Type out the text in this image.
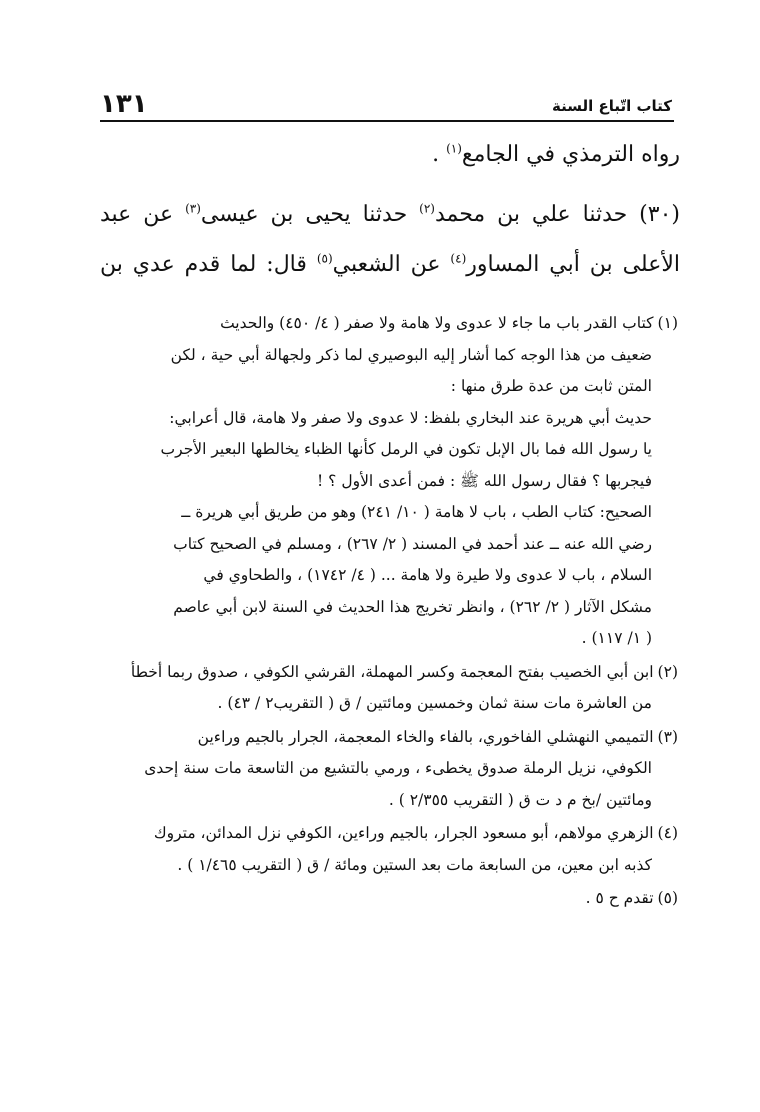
١٣١	كتاب اتّباع السنة

رواه الترمذي في الجامع$^{(١)}$ .

(٣٠) حدثنا علي بن محمد$^{(٢)}$ حدثنا يحيى بن عيسى$^{(٣)}$ عن عبد الأعلى بن أبي المساور$^{(٤)}$ عن الشعبي$^{(٥)}$ قال: لما قدم عدي بن

(١)كتاب القدر باب ما جاء لا عدوى ولا هامة ولا صفر ( ٤/ ٤٥٠) والحديث

ضعيف من هذا الوجه كما أشار إليه البوصيري لما ذكر ولجهالة أبي حية ، لكن

المتن ثابت من عدة طرق منها :

حديث أبي هريرة عند البخاري بلفظ: لا عدوى ولا صفر ولا هامة، قال أعرابي:

يا رسول الله فما بال الإبل تكون في الرمل كأنها الظباء يخالطها البعير الأجرب

فيجربها ؟ فقال رسول الله ﷺ : فمن أعدى الأول ؟ !

الصحيح: كتاب الطب ، باب لا هامة ( ١٠/ ٢٤١) وهو من طريق أبي هريرة ــ

رضي الله عنه ــ عند أحمد في المسند ( ٢/ ٢٦٧) ، ومسلم في الصحيح كتاب

السلام ، باب لا عدوى ولا طيرة ولا هامة ... ( ٤/ ١٧٤٢) ، والطحاوي في

مشكل الآثار ( ٢/ ٢٦٢) ، وانظر تخريج هذا الحديث في السنة لابن أبي عاصم

( ١/ ١١٧) .

(٢)ابن أبي الخصيب بفتح المعجمة وكسر المهملة، القرشي الكوفي ، صدوق ربما أخطأ

من العاشرة مات سنة ثمان وخمسين ومائتين / ق ( التقريب٢ / ٤٣) .

(٣)التميمي النهشلي الفاخوري، بالفاء والخاء المعجمة، الجرار بالجيم وراءين

الكوفي، نزيل الرملة صدوق يخطىء ، ورمي بالتشيع من التاسعة مات سنة إحدى

ومائتين /بخ م د ت ق ( التقريب ٢/٣٥٥ ) .

(٤)الزهري مولاهم، أبو مسعود الجرار، بالجيم وراءين، الكوفي نزل المدائن، متروك

كذبه ابن معين، من السابعة مات بعد الستين ومائة / ق ( التقريب ١/٤٦٥ ) .

(٥)تقدم ح ٥ .
